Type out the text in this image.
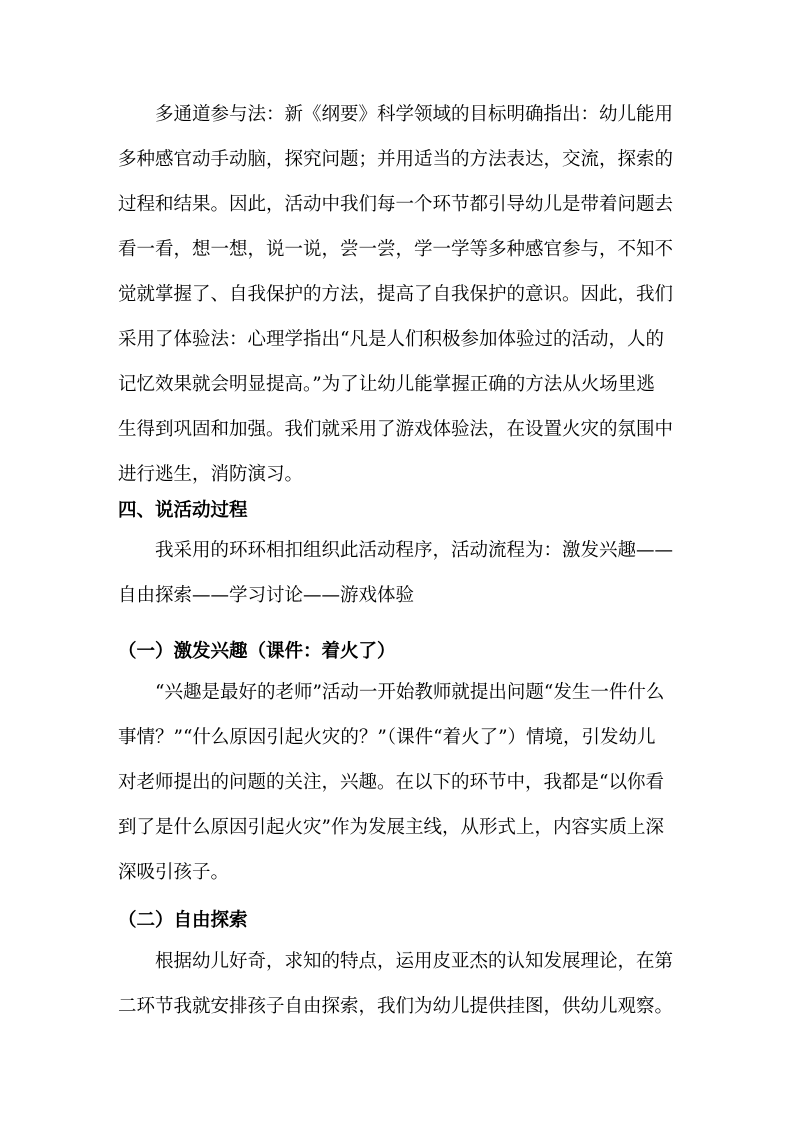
多通道参与法：新《纲要》科学领域的目标明确指出：幼儿能用
多种感官动手动脑，探究问题；并用适当的方法表达，交流，探索的
过程和结果。因此，活动中我们每一个环节都引导幼儿是带着问题去
看一看，想一想，说一说，尝一尝，学一学等多种感官参与，不知不
觉就掌握了、自我保护的方法，提高了自我保护的意识。因此，我们
采用了体验法：心理学指出“凡是人们积极参加体验过的活动，人的
记忆效果就会明显提高。”为了让幼儿能掌握正确的方法从火场里逃
生得到巩固和加强。我们就采用了游戏体验法，在设置火灾的氛围中
进行逃生，消防演习。
四、说活动过程
我采用的环环相扣组织此活动程序，活动流程为：激发兴趣——
自由探索——学习讨论——游戏体验
（一）激发兴趣（课件：着火了）
“兴趣是最好的老师”活动一开始教师就提出问题“发生一件什么
事情？”“什么原因引起火灾的？”（课件“着火了”）情境，引发幼儿
对老师提出的问题的关注，兴趣。在以下的环节中，我都是“以你看
到了是什么原因引起火灾”作为发展主线，从形式上，内容实质上深
深吸引孩子。
（二）自由探索
根据幼儿好奇，求知的特点，运用皮亚杰的认知发展理论，在第
二环节我就安排孩子自由探索，我们为幼儿提供挂图，供幼儿观察。
